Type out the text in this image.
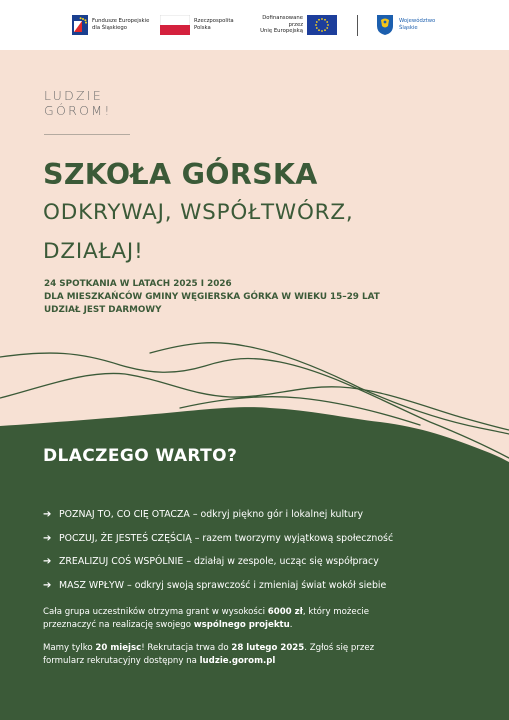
Fundusze Europejskie
dla Śląskiego
Rzeczpospolita
Polska
Dofinansowane przez
Unię Europejską
Województwo
Śląskie
LUDZIE
GÓROM!
SZKOŁA GÓRSKA
ODKRYWAJ, WSPÓŁTWÓRZ,
DZIAŁAJ!
24 SPOTKANIA W LATACH 2025 I 2026
DLA MIESZKAŃCÓW GMINY WĘGIERSKA GÓRKA W WIEKU 15–29 LAT
UDZIAŁ JEST DARMOWY
DLACZEGO WARTO?
➔ POZNAJ TO, CO CIĘ OTACZA – odkryj piękno gór i lokalnej kultury
➔ POCZUJ, ŻE JESTEŚ CZĘŚCIĄ – razem tworzymy wyjątkową społeczność
➔ ZREALIZUJ COŚ WSPÓLNIE – działaj w zespole, ucząc się współpracy
➔ MASZ WPŁYW – odkryj swoją sprawczość i zmieniaj świat wokół siebie
Cała grupa uczestników otrzyma grant w wysokości 6000 zł, który możecie
przeznaczyć na realizację swojego wspólnego projektu.
Mamy tylko 20 miejsc! Rekrutacja trwa do 28 lutego 2025. Zgłoś się przez
formularz rekrutacyjny dostępny na ludzie.gorom.pl
